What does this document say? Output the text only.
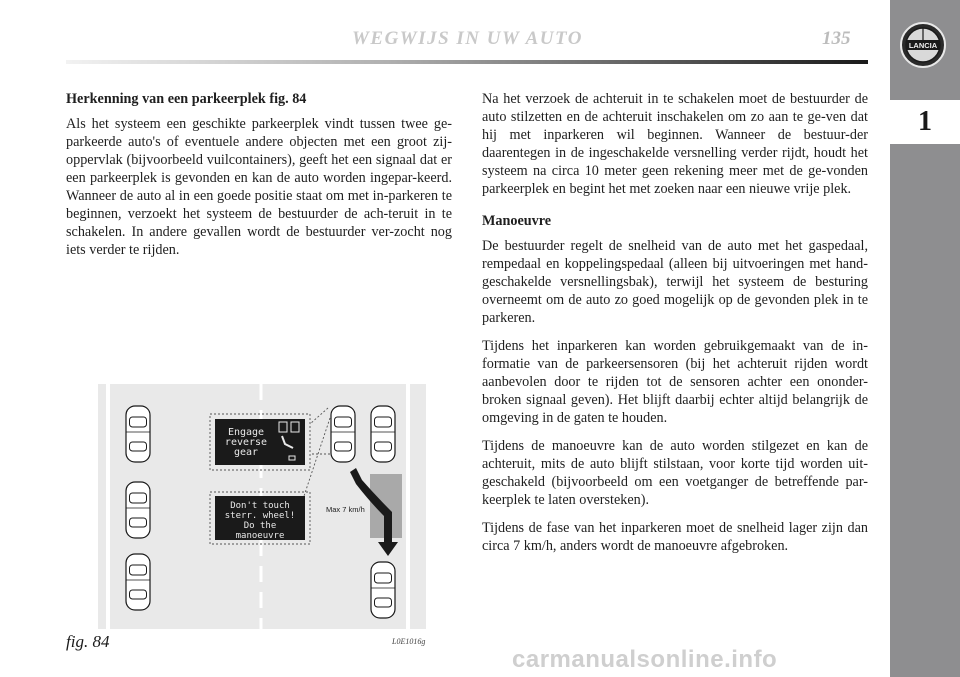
WEGWIJS IN UW AUTO	135	LANCIA
1
Herkenning van een parkeerplek fig. 84

Als het systeem een geschikte parkeerplek vindt tussen twee ge-parkeerde auto's of eventuele andere objecten met een groot zij-oppervlak (bijvoorbeeld vuilcontainers), geeft het een signaal dat er een parkeerplek is gevonden en kan de auto worden ingepar-keerd. Wanneer de auto al in een goede positie staat om met in-parkeren te beginnen, verzoekt het systeem de bestuurder de ach-teruit in te schakelen. In andere gevallen wordt de bestuurder ver-zocht nog iets verder te rijden.

Na het verzoek de achteruit in te schakelen moet de bestuurder de auto stilzetten en de achteruit inschakelen om zo aan te ge-ven dat hij met inparkeren wil beginnen. Wanneer de bestuur-der daarentegen in de ingeschakelde versnelling verder rijdt, houdt het systeem na circa 10 meter geen rekening meer met de ge-vonden parkeerplek en begint het met zoeken naar een nieuwe vrije plek.

Manoeuvre

De bestuurder regelt de snelheid van de auto met het gaspedaal, rempedaal en koppelingspedaal (alleen bij uitvoeringen met hand-geschakelde versnellingsbak), terwijl het systeem de besturing overneemt om de auto zo goed mogelijk op de gevonden plek in te parkeren.

Tijdens het inparkeren kan worden gebruikgemaakt van de in-formatie van de parkeersensoren (bij het achteruit rijden wordt aanbevolen door te rijden tot de sensoren achter een ononder-broken signaal geven). Het blijft daarbij echter altijd belangrijk de omgeving in de gaten te houden.

Tijdens de manoeuvre kan de auto worden stilgezet en kan de achteruit, mits de auto blijft stilstaan, voor korte tijd worden uit-geschakeld (bijvoorbeeld om een voetganger de betreffende par-keerplek te laten oversteken).

Tijdens de fase van het inparkeren moet de snelheid lager zijn dan circa 7 km/h, anders wordt de manoeuvre afgebroken.

Engage
reverse
gear
Don't touch
sterr. wheel!
Do the
manoeuvre
Max 7 km/h
fig. 84	L0E1016g
carmanualsonline.info
